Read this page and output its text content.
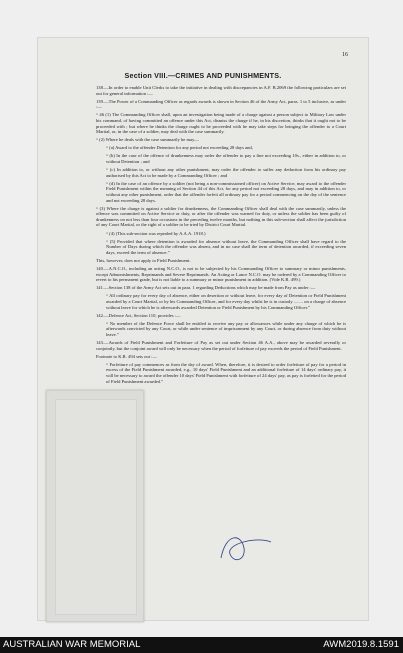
16
Section VIII.—CRIMES AND PUNISHMENTS.

138.—In order to enable Unit Clerks to take the initiative in dealing with discrepancies in A.F. B.2069 the following particulars are set out for general information :—

139.—The Power of a Commanding Officer as regards awards is shown in Section 46 of the Army Act, paras. 1 to 5 inclusive, as under :—

“ 46 (1) The Commanding Officer shall, upon an investigation being made of a charge against a person subject to Military Law under his command, of having committed an offence under this Act, dismiss the charge if he, in his discretion, thinks that it ought not to be proceeded with ; but where he thinks the charge ought to be proceeded with he may take steps for bringing the offender to a Court Martial, or, in the case of a soldier, may deal with the case summarily.

“ (2) Where he deals with the case summarily he may—

“ (a) Award to the offender Detention for any period not exceeding 28 days and,

“ (b) In the case of the offence of drunkenness may order the offender to pay a fine not exceeding 10s., either in addition to, or without Detention ; and

“ (c) In addition to, or without any other punishment, may order the offender to suffer any deduction from his ordinary pay authorised by this Act to be made by a Commanding Officer ; and

“ (d) In the case of an offence by a soldier (not being a non-commissioned officer) on Active Service, may award to the offender Field Punishment within the meaning of Section 44 of this Act, for any period not exceeding 28 days, and may in addition to, or without any other punishment, order that the offender forfeit all ordinary pay for a period commencing on the day of the sentence and not exceeding 28 days.

“ (3) Where the charge is against a soldier for drunkenness, the Commanding Officer shall deal with the case summarily, unless the offence was committed on Active Service or duty, or after the offender was warned for duty, or unless the soldier has been guilty of drunkenness on not less than four occasions in the preceding twelve months, but nothing in this sub-section shall affect the jurisdiction of any Court Martial, or the right of a soldier to be tried by District Court Martial.

“ (4) (This sub-section was repealed by A.A.A. 1918.)

“ (5) Provided that where detention is awarded for absence without leave, the Commanding Officer shall have regard to the Number of Days during which the offender was absent, and in no case shall the term of detention awarded, if exceeding seven days, exceed the term of absence.”

This, however, does not apply to Field Punishment.

140.—A.N.C.O., including an acting N.C.O., is not to be subjected by his Commanding Officer to summary or minor punishments, except Admonishments, Reprimands and Severe Reprimands. An Acting or Lance N.C.O. may be ordered by a Commanding Officer to revert to his permanent grade, but is not liable to a summary or minor punishment in addition. (Vide K.R. 499.)

141.—Section 138 of the Army Act sets out in para. 1 regarding Deductions which may be made from Pay as under :—

“ All ordinary pay for every day of absence, either on desertion or without leave, for every day of Detention or Field Punishment awarded by a Court Martial, or by his Commanding Officer, and for every day whilst he is in custody ........ on a charge of absence without leave for which he is afterwards awarded Detention or Field Punishment by his Commanding Officer.”

142.—Defence Act, Section 110, provides :—

“ No member of the Defence Force shall be entitled to receive any pay or allowances while under any charge of which he is afterwards convicted by any Court, or while under sentence of imprisonment by any Court, or during absence from duty without leave.”

143.—Awards of Field Punishment and Forfeiture of Pay as set out under Section 46 A.A., above may be awarded severally or conjointly, but the conjoint award will only be necessary when the period of forfeiture of pay exceeds the period of Field Punishment.

Footnote to K.R. 494 sets out :—

“ Forfeiture of pay commences as from the day of award. When, therefore, it is desired to order forfeiture of pay for a period in excess of the Field Punishment awarded, e.g., 10 days' Field Punishment and an additional forfeiture of 14 days' ordinary pay, it will be necessary to award the offender 10 days' Field Punishment with forfeiture of 24 days' pay, as pay is forfeited for the period of Field Punishment awarded.”

AUSTRALIAN WAR MEMORIAL	AWM2019.8.1591
